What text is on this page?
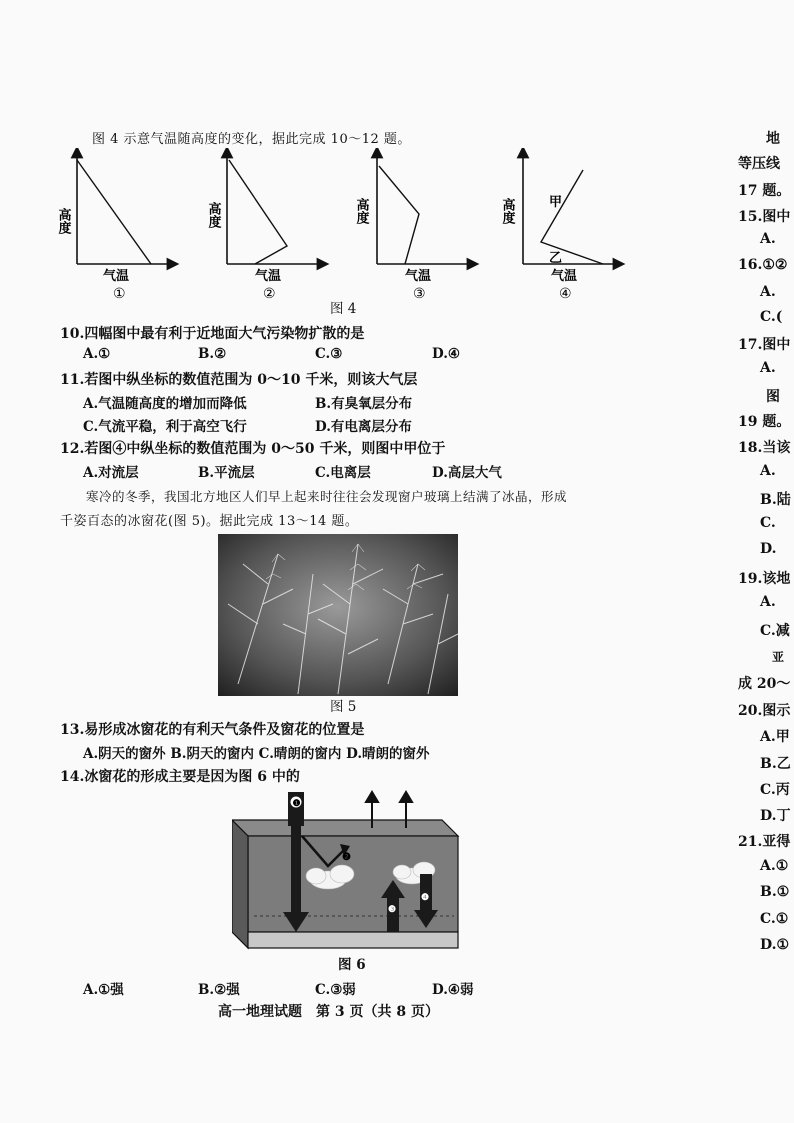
图 4 示意气温随高度的变化，据此完成 10～12 题。
高度
气温
①
高度
气温
②
高度
气温
③
高度	甲
乙
气温
④
图 4
10.四幅图中最有利于近地面大气污染物扩散的是
A.①	B.②	C.③	D.④
11.若图中纵坐标的数值范围为 0～10 千米，则该大气层
A.气温随高度的增加而降低	B.有臭氧层分布
C.气流平稳，利于高空飞行	D.有电离层分布
12.若图④中纵坐标的数值范围为 0～50 千米，则图中甲位于
A.对流层	B.平流层	C.电离层	D.高层大气
寒冷的冬季，我国北方地区人们早上起来时往往会发现窗户玻璃上结满了冰晶，形成
千姿百态的冰窗花(图 5)。据此完成 13～14 题。
图 5
13.易形成冰窗花的有利天气条件及窗花的位置是
A.阴天的窗外 B.阴天的窗内 C.晴朗的窗内 D.晴朗的窗外
14.冰窗花的形成主要是因为图 6 中的
❶
❷
❸
❹
图 6
A.①强	B.②强	C.③弱	D.④弱
高一地理试题　第 3 页（共 8 页）
地
等压线
17 题。
15.图中
A.
16.①②
A.
C.(
17.图中
A.
图
19 题。
18.当该
A.
B.陆
C.
D.
19.该地
A.
C.减
亚
成 20～
20.图示
A.甲
B.乙
C.丙
D.丁
21.亚得
A.①
B.①
C.①
D.①
